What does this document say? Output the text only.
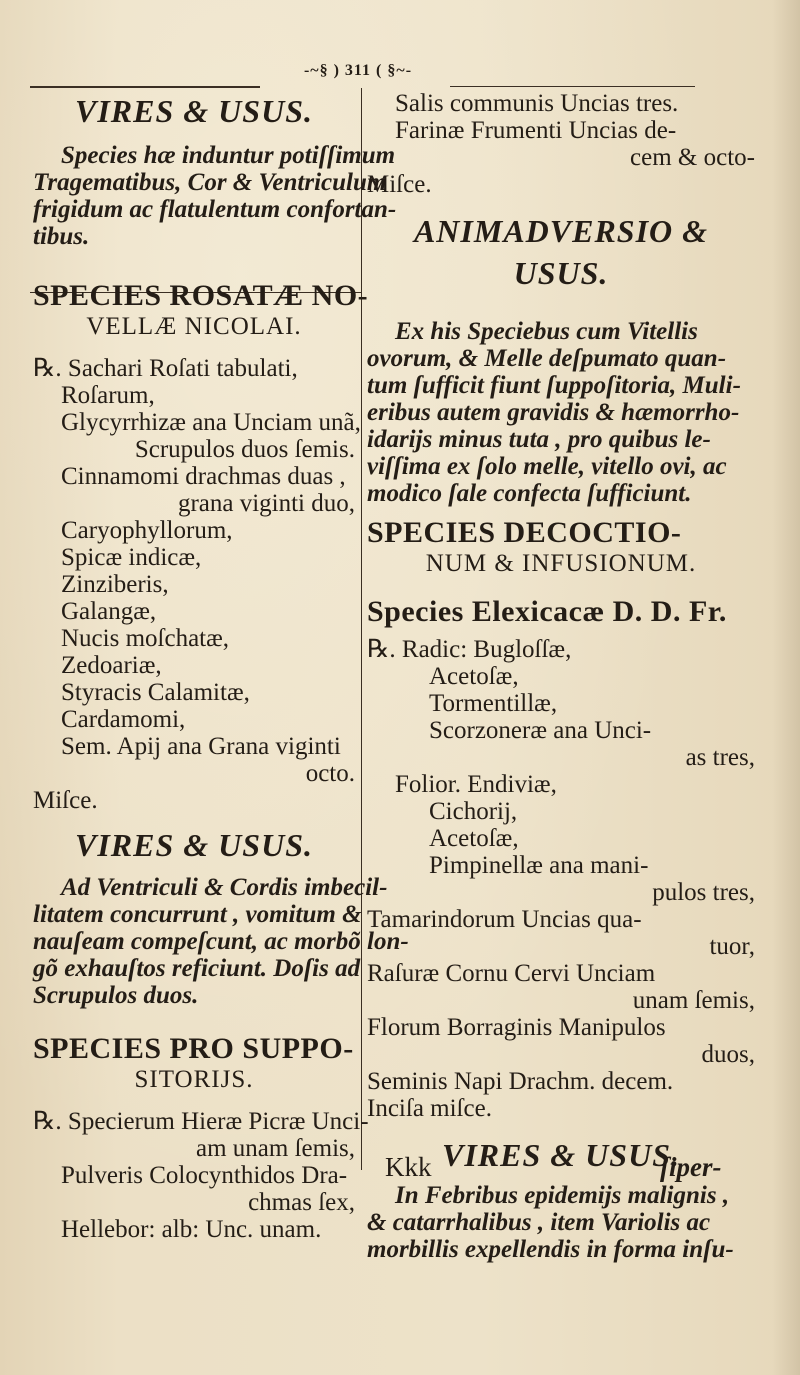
-~§ ) 311 ( §~-
VIRES & USUS.
Species hæ induntur potiſſimum
Tragematibus, Cor & Ventriculum
frigidum ac flatulentum confortan-
tibus.
SPECIES ROSATÆ NO-
VELLÆ NICOLAI.
℞. Sachari Roſati tabulati,
Roſarum,
Glycyrrhizæ ana Unciam unã,
Scrupulos duos ſemis.
Cinnamomi drachmas duas ,
grana viginti duo,
Caryophyllorum,
Spicæ indicæ,
Zinziberis,
Galangæ,
Nucis moſchatæ,
Zedoariæ,
Styracis Calamitæ,
Cardamomi,
Sem. Apij ana Grana viginti
octo.
Miſce.
VIRES & USUS.
Ad Ventriculi & Cordis imbecil-
litatem concurrunt , vomitum &
nauſeam compeſcunt, ac morbõ lon-
gõ exhauſtos reficiunt. Doſis ad
Scrupulos duos.
SPECIES PRO SUPPO-
SITORIJS.
℞. Specierum Hieræ Picræ Unci-
am unam ſemis,
Pulveris Colocynthidos Dra-
chmas ſex,
Hellebor: alb: Unc. unam.
Salis communis Uncias tres.
Farinæ Frumenti Uncias de-
cem & octo-
Miſce.
ANIMADVERSIO &
USUS.
Ex his Speciebus cum Vitellis
ovorum, & Melle deſpumato quan-
tum ſufficit fiunt ſuppoſitoria, Muli-
eribus autem gravidis & hæmorrho-
idarijs minus tuta , pro quibus le-
viſſima ex ſolo melle, vitello ovi, ac
modico ſale confecta ſufficiunt.
SPECIES DECOCTIO-
NUM & INFUSIONUM.
Species Elexicacæ D. D. Fr.
℞. Radic: Bugloſſæ,
Acetoſæ,
Tormentillæ,
Scorzoneræ ana Unci-
as tres,
Folior. Endiviæ,
Cichorij,
Acetoſæ,
Pimpinellæ ana mani-
pulos tres,
Tamarindorum Uncias qua-
tuor,
Raſuræ Cornu Cervi Unciam
unam ſemis,
Florum Borraginis Manipulos
duos,
Seminis Napi Drachm. decem.
Inciſa miſce.
VIRES & USUS.
In Febribus epidemijs malignis ,
& catarrhalibus , item Variolis ac
morbillis expellendis in forma inſu-
Kkk	ſiper-
